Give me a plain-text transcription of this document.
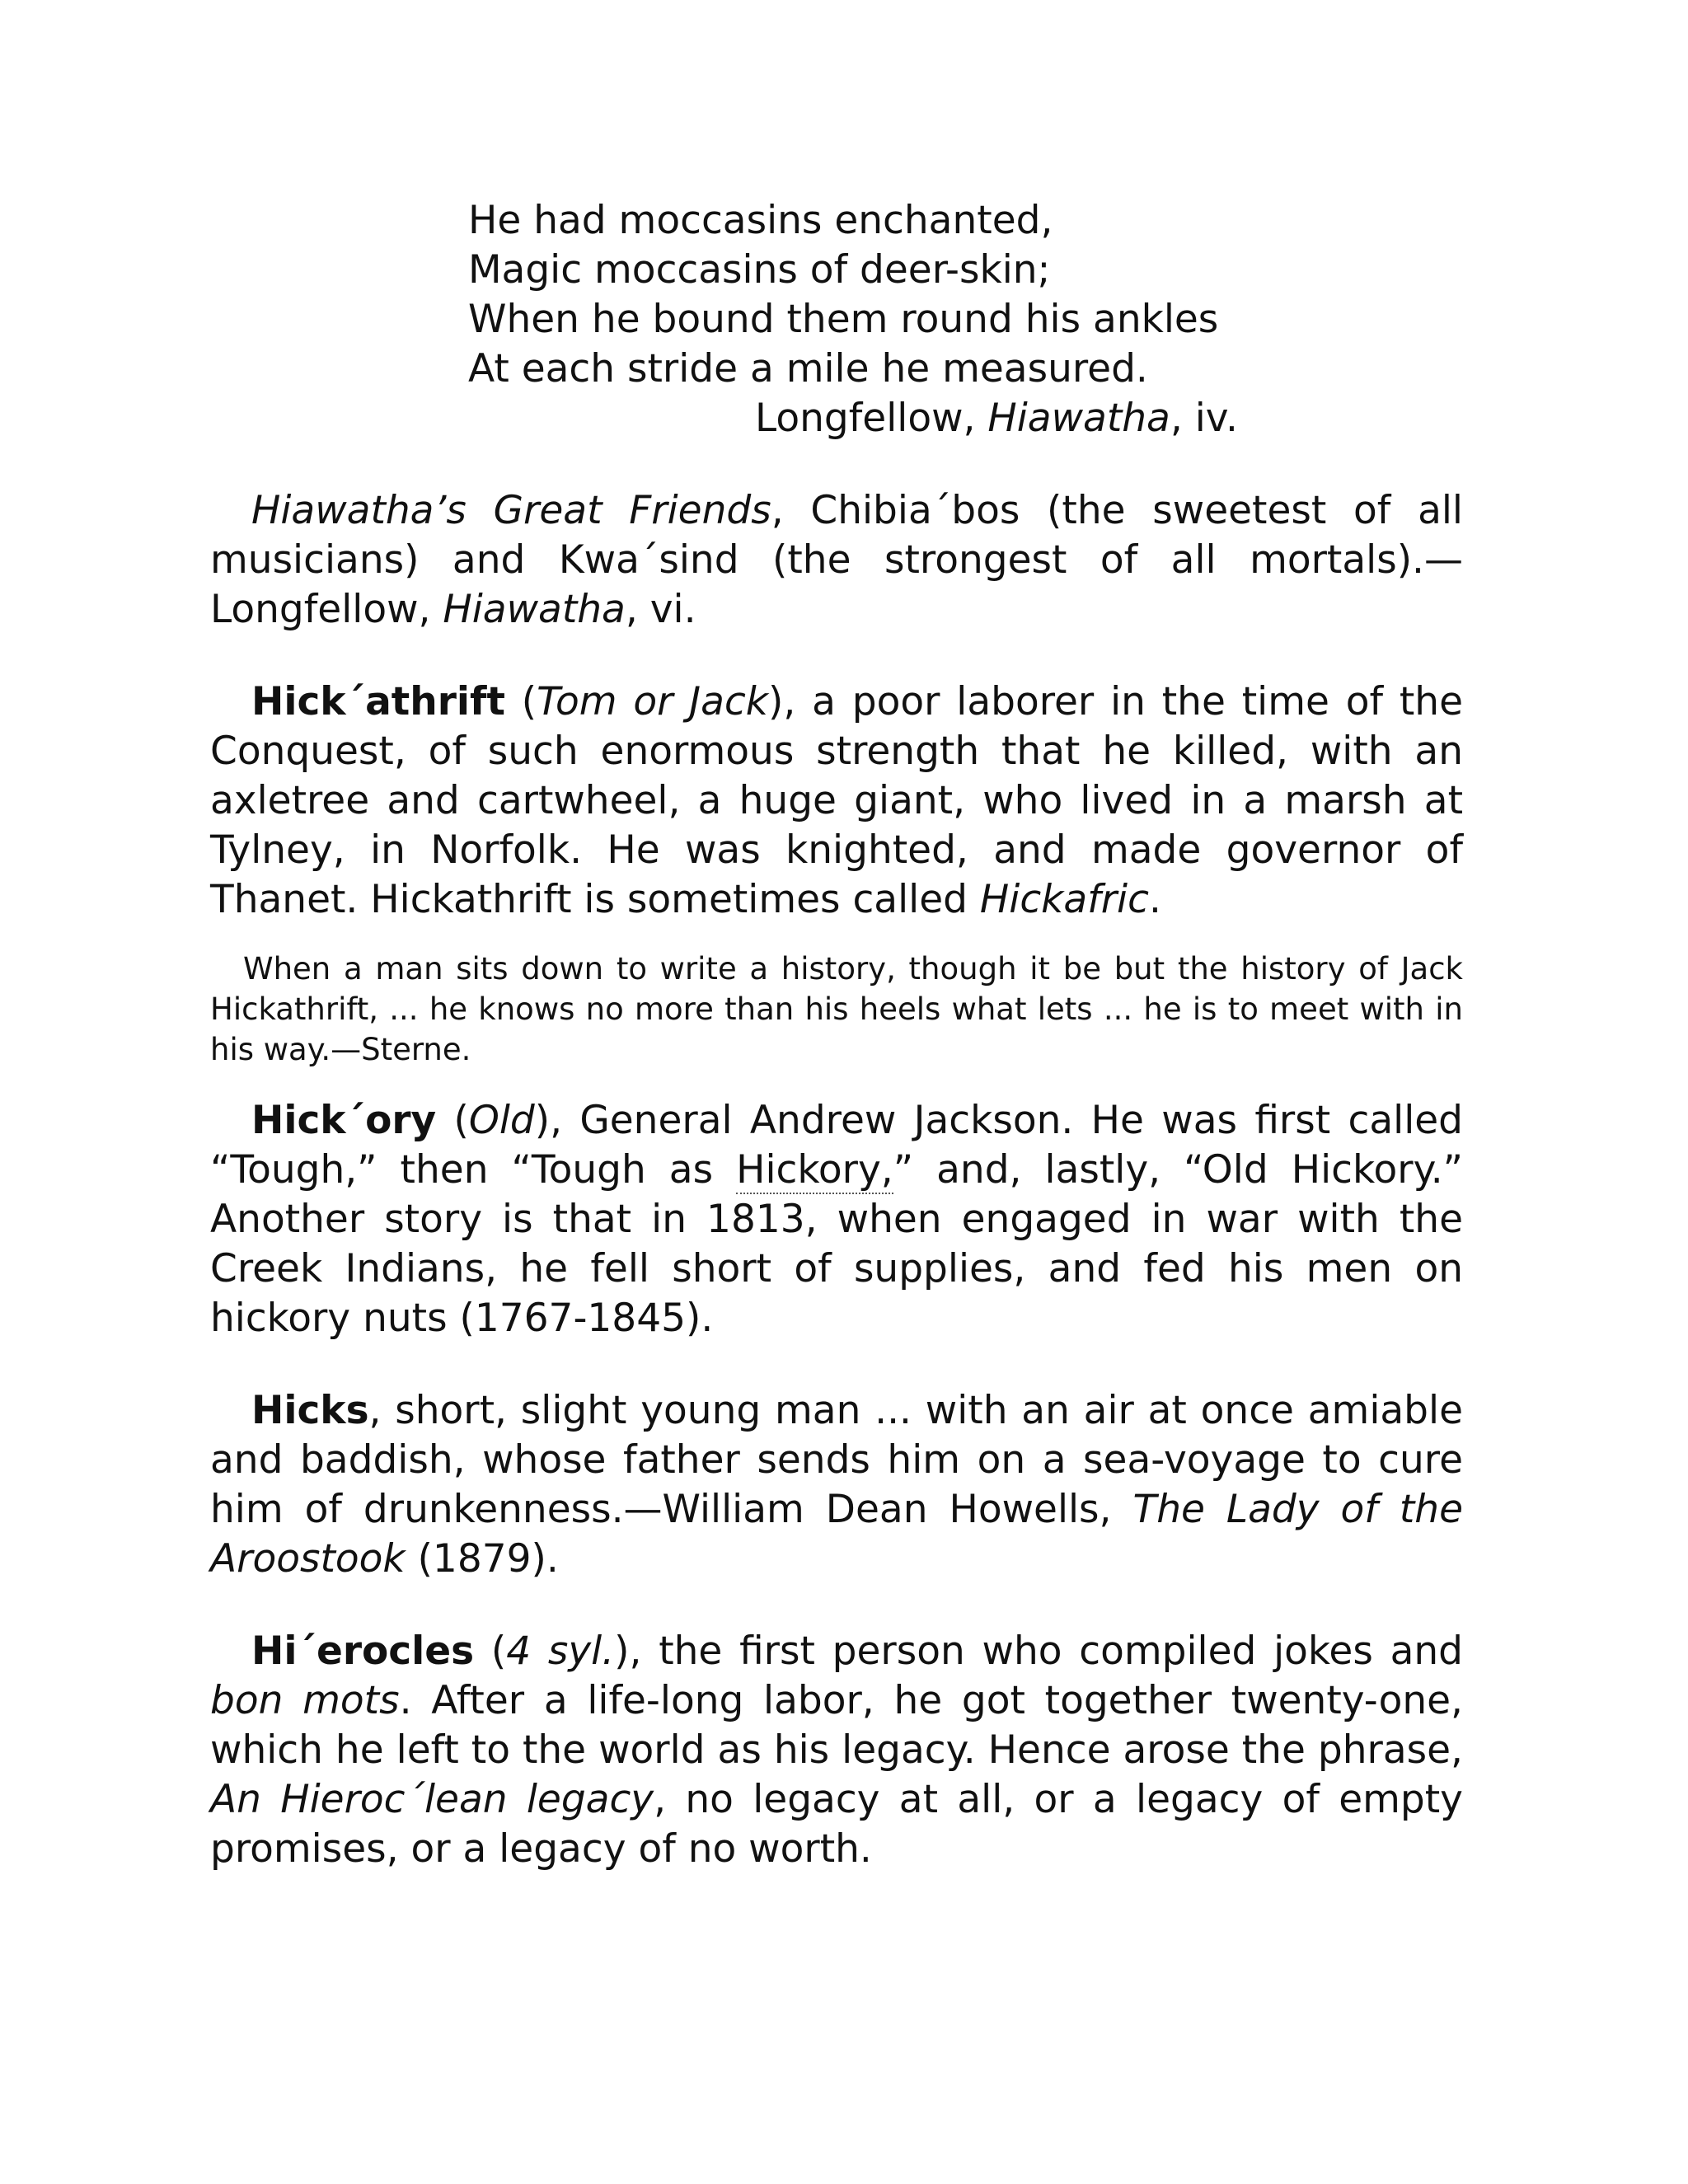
He had moccasins enchanted,
Magic moccasins of deer-skin;
When he bound them round his ankles
At each stride a mile he measured.
Longfellow, Hiawatha, iv.

Hiawatha’s Great Friends, Chibia´bos (the sweetest of all musicians) and Kwa´sind (the strongest of all mortals).—Longfellow, Hiawatha, vi.

Hick´athrift (Tom or Jack), a poor laborer in the time of the Conquest, of such enormous strength that he killed, with an axletree and cartwheel, a huge giant, who lived in a marsh at Tylney, in Norfolk. He was knighted, and made governor of Thanet. Hickathrift is sometimes called Hickafric.

When a man sits down to write a history, though it be but the history of Jack Hickathrift, ... he knows no more than his heels what lets ... he is to meet with in his way.—Sterne.

Hick´ory (Old), General Andrew Jackson. He was first called “Tough,” then “Tough as Hickory,” and, lastly, “Old Hickory.” Another story is that in 1813, when engaged in war with the Creek Indians, he fell short of supplies, and fed his men on hickory nuts (1767-1845).

Hicks, short, slight young man ... with an air at once amiable and baddish, whose father sends him on a sea-voyage to cure him of drunkenness.—William Dean Howells, The Lady of the Aroostook (1879).

Hi´erocles (4 syl.), the first person who compiled jokes and bon mots. After a life-long labor, he got together twenty-one, which he left to the world as his legacy. Hence arose the phrase, An Hieroc´lean legacy, no legacy at all, or a legacy of empty promises, or a legacy of no worth.
